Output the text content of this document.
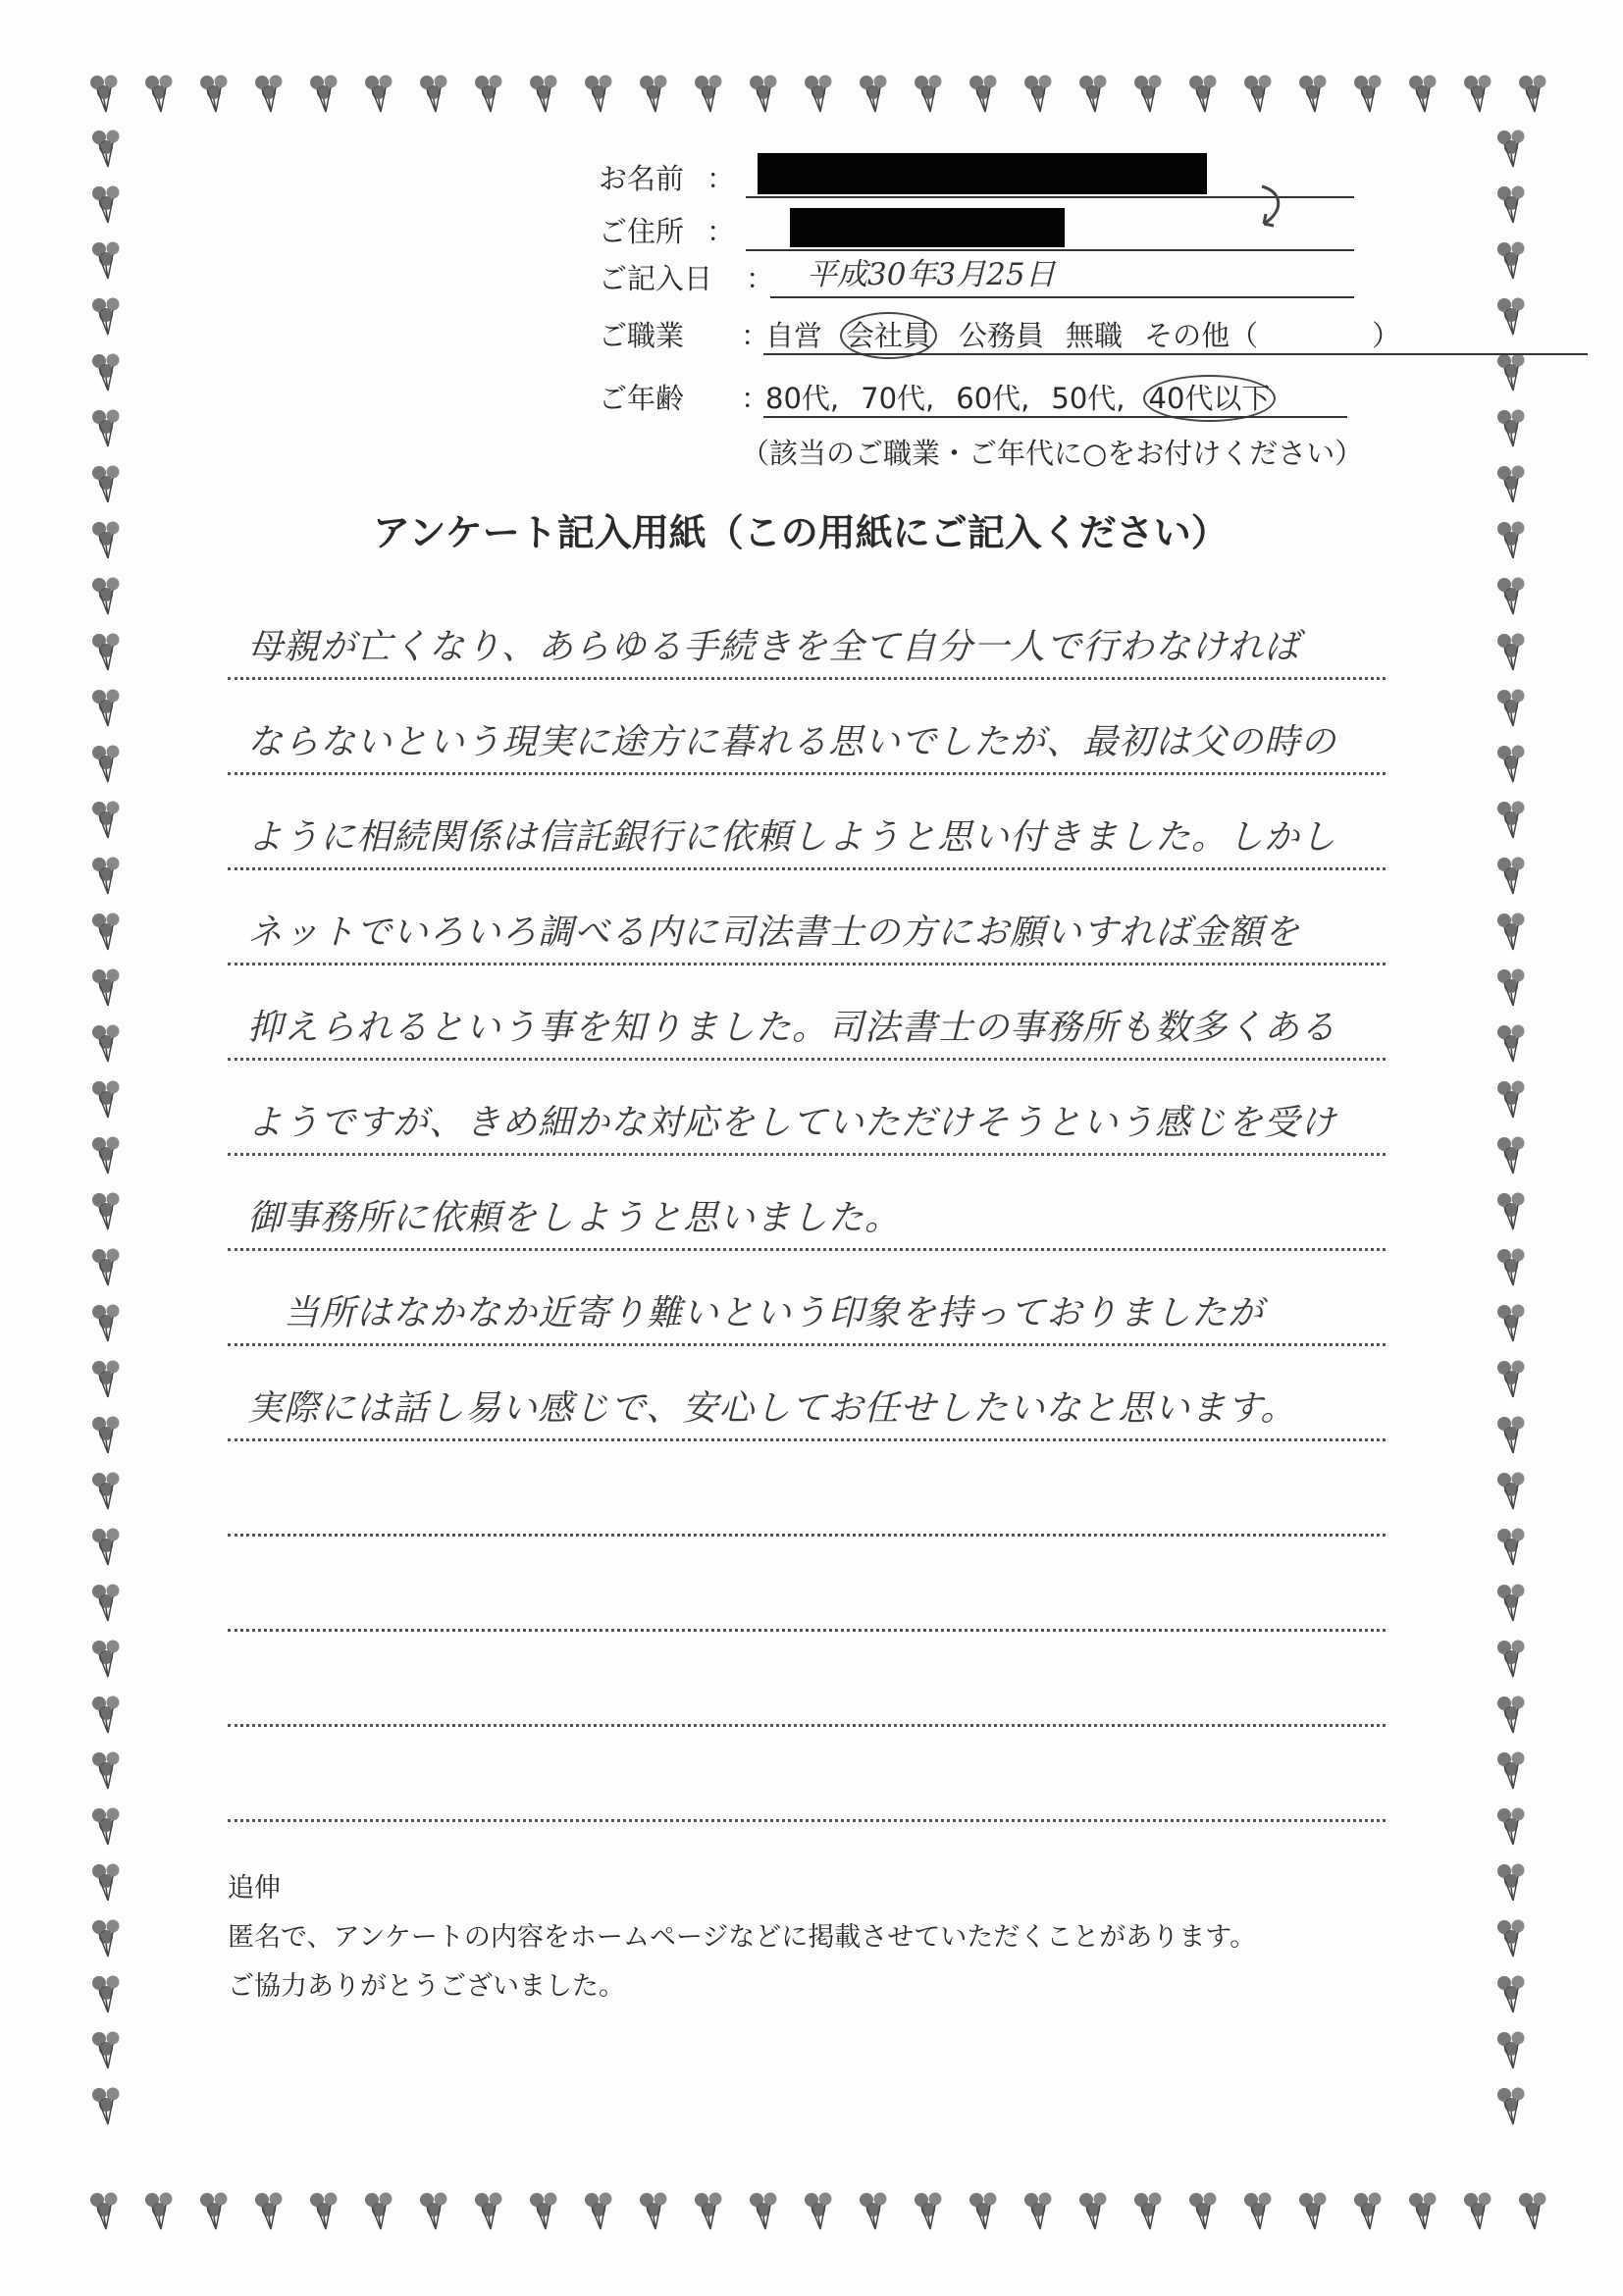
お名前 ：
ご住所 ：
ご記入日 ： 平成30年3月25日
ご職業 ：
自営 会社員 公務員 無職 その他（　　　　）
ご年齢 ：
80代, 70代, 60代, 50代, 40代以下
（該当のご職業・ご年代に○をお付けください）
アンケート記入用紙（この用紙にご記入ください）
母親が亡くなり、あらゆる手続きを全て自分一人で行わなければ
ならないという現実に途方に暮れる思いでしたが、最初は父の時の
ように相続関係は信託銀行に依頼しようと思い付きました。しかし
ネットでいろいろ調べる内に司法書士の方にお願いすれば金額を
抑えられるという事を知りました。司法書士の事務所も数多くある
ようですが、きめ細かな対応をしていただけそうという感じを受け
御事務所に依頼をしようと思いました。
　当所はなかなか近寄り難いという印象を持っておりましたが
実際には話し易い感じで、安心してお任せしたいなと思います。
追伸
匿名で、アンケートの内容をホームページなどに掲載させていただくことがあります。
ご協力ありがとうございました。
